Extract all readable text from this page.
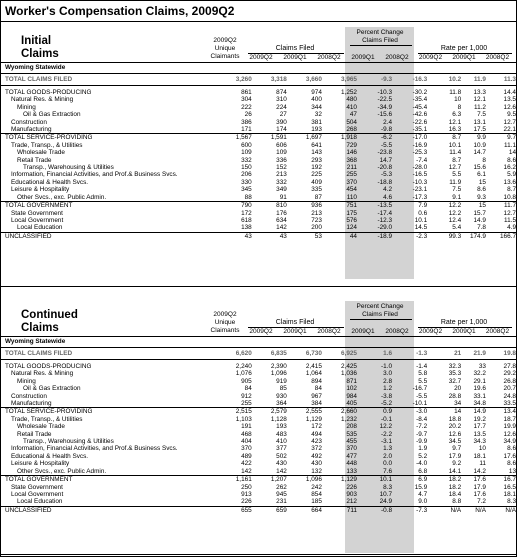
Worker's Compensation Claims, 2009Q2
Initial
Claims
2009Q2
Unique
Claimants
Claims Filed
Percent Change
Claims Filed
Rate per 1,000
2009Q2	2009Q1	2008Q2	2009Q1	2008Q2	2009Q2	2009Q1	2008Q2
Wyoming Statewide									
TOTAL CLAIMS FILED	3,260	3,318	3,660	3,965	-9.3	-16.3	10.2	11.9	11.3

TOTAL GOODS-PRODUCING	861	874	974	1,252	-10.3	-30.2	11.8	13.3	14.4
Natural Res. & Mining	304	310	400	480	-22.5	-35.4	10	12.1	13.5
Mining	222	224	344	410	-34.9	-45.4	8	11.2	12.6
Oil & Gas Extraction	26	27	32	47	-15.6	-42.6	6.3	7.5	9.5
Construction	386	390	381	504	2.4	-22.6	12.1	13.1	12.7
Manufacturing	171	174	193	268	-9.8	-35.1	16.3	17.5	22.1
TOTAL SERVICE-PROVIDING	1,567	1,591	1,697	1,918	-6.2	-17.0	8.7	9.9	9.7
Trade, Transp., & Utilities	600	606	641	729	-5.5	-16.9	10.1	10.9	11.1
Wholesale Trade	109	109	143	146	-23.8	-25.3	11.4	14.7	14
Retail Trade	332	336	293	368	14.7	-7.4	8.7	8	8.6
Transp., Warehousing & Utilities	150	152	192	211	-20.8	-28.0	12.7	15.6	16.2
Information, Financial Activities, and Prof.& Business Svcs.	206	213	225	255	-5.3	-16.5	5.5	6.1	5.9
Educational & Health Svcs.	330	332	409	370	-18.8	-10.3	11.9	15	13.6
Leisure & Hospitality	345	349	335	454	4.2	-23.1	7.5	8.6	8.7
Other Svcs., exc. Public Admin.	88	91	87	110	4.6	-17.3	9.1	9.3	10.8
TOTAL GOVERNMENT	790	810	936	751	-13.5	7.9	12.2	15	11.7
State Government	172	176	213	175	-17.4	0.6	12.2	15.7	12.7
Local Government	618	634	723	576	-12.3	10.1	12.4	14.9	11.5
Local Education	138	142	200	124	-29.0	14.5	5.4	7.8	4.9
UNCLASSIFIED	43	43	53	44	-18.9	-2.3	99.3	174.9	166.7
Continued
Claims
2009Q2
Unique
Claimants
Claims Filed
Percent Change
Claims Filed
Rate per 1,000
2009Q2	2009Q1	2008Q2	2009Q1	2008Q2	2009Q2	2009Q1	2008Q2
Wyoming Statewide									
TOTAL CLAIMS FILED	6,620	6,835	6,730	6,925	1.6	-1.3	21	21.9	19.8

TOTAL GOODS-PRODUCING	2,240	2,390	2,415	2,425	-1.0	-1.4	32.3	33	27.8
Natural Res. & Mining	1,076	1,096	1,064	1,036	3.0	5.8	35.3	32.2	29.2
Mining	905	919	894	871	2.8	5.5	32.7	29.1	26.8
Oil & Gas Extraction	84	85	84	102	1.2	-16.7	20	19.6	20.7
Construction	912	930	967	984	-3.8	-5.5	28.8	33.1	24.8
Manufacturing	255	364	384	405	-5.2	-10.1	34	34.8	33.5
TOTAL SERVICE-PROVIDING	2,515	2,579	2,555	2,660	0.9	-3.0	14	14.9	13.4
Trade, Transp., & Utilities	1,103	1,128	1,129	1,232	-0.1	-8.4	18.8	19.2	18.7
Wholesale Trade	191	193	172	208	12.2	-7.2	20.2	17.7	19.9
Retail Trade	468	483	494	535	-2.2	-9.7	12.6	13.5	12.6
Transp., Warehousing & Utilities	404	410	423	455	-3.1	-9.9	34.5	34.3	34.9
Information, Financial Activities, and Prof.& Business Svcs.	370	377	372	370	1.3	1.9	9.7	10	8.6
Educational & Health Svcs.	489	502	492	477	2.0	5.2	17.9	18.1	17.6
Leisure & Hospitality	422	430	430	448	0.0	-4.0	9.2	11	8.6
Other Svcs., exc. Public Admin.	142	142	132	133	7.6	6.8	14.1	14.2	13
TOTAL GOVERNMENT	1,161	1,207	1,096	1,129	10.1	6.9	18.2	17.6	16.7
State Government	250	262	242	226	8.3	15.9	18.2	17.9	16.5
Local Government	913	945	854	903	10.7	4.7	18.4	17.6	18.1
Local Education	226	231	185	212	24.9	9.0	8.8	7.2	8.3
UNCLASSIFIED	655	659	664	711	-0.8	-7.3	N/A	N/A	N/A
